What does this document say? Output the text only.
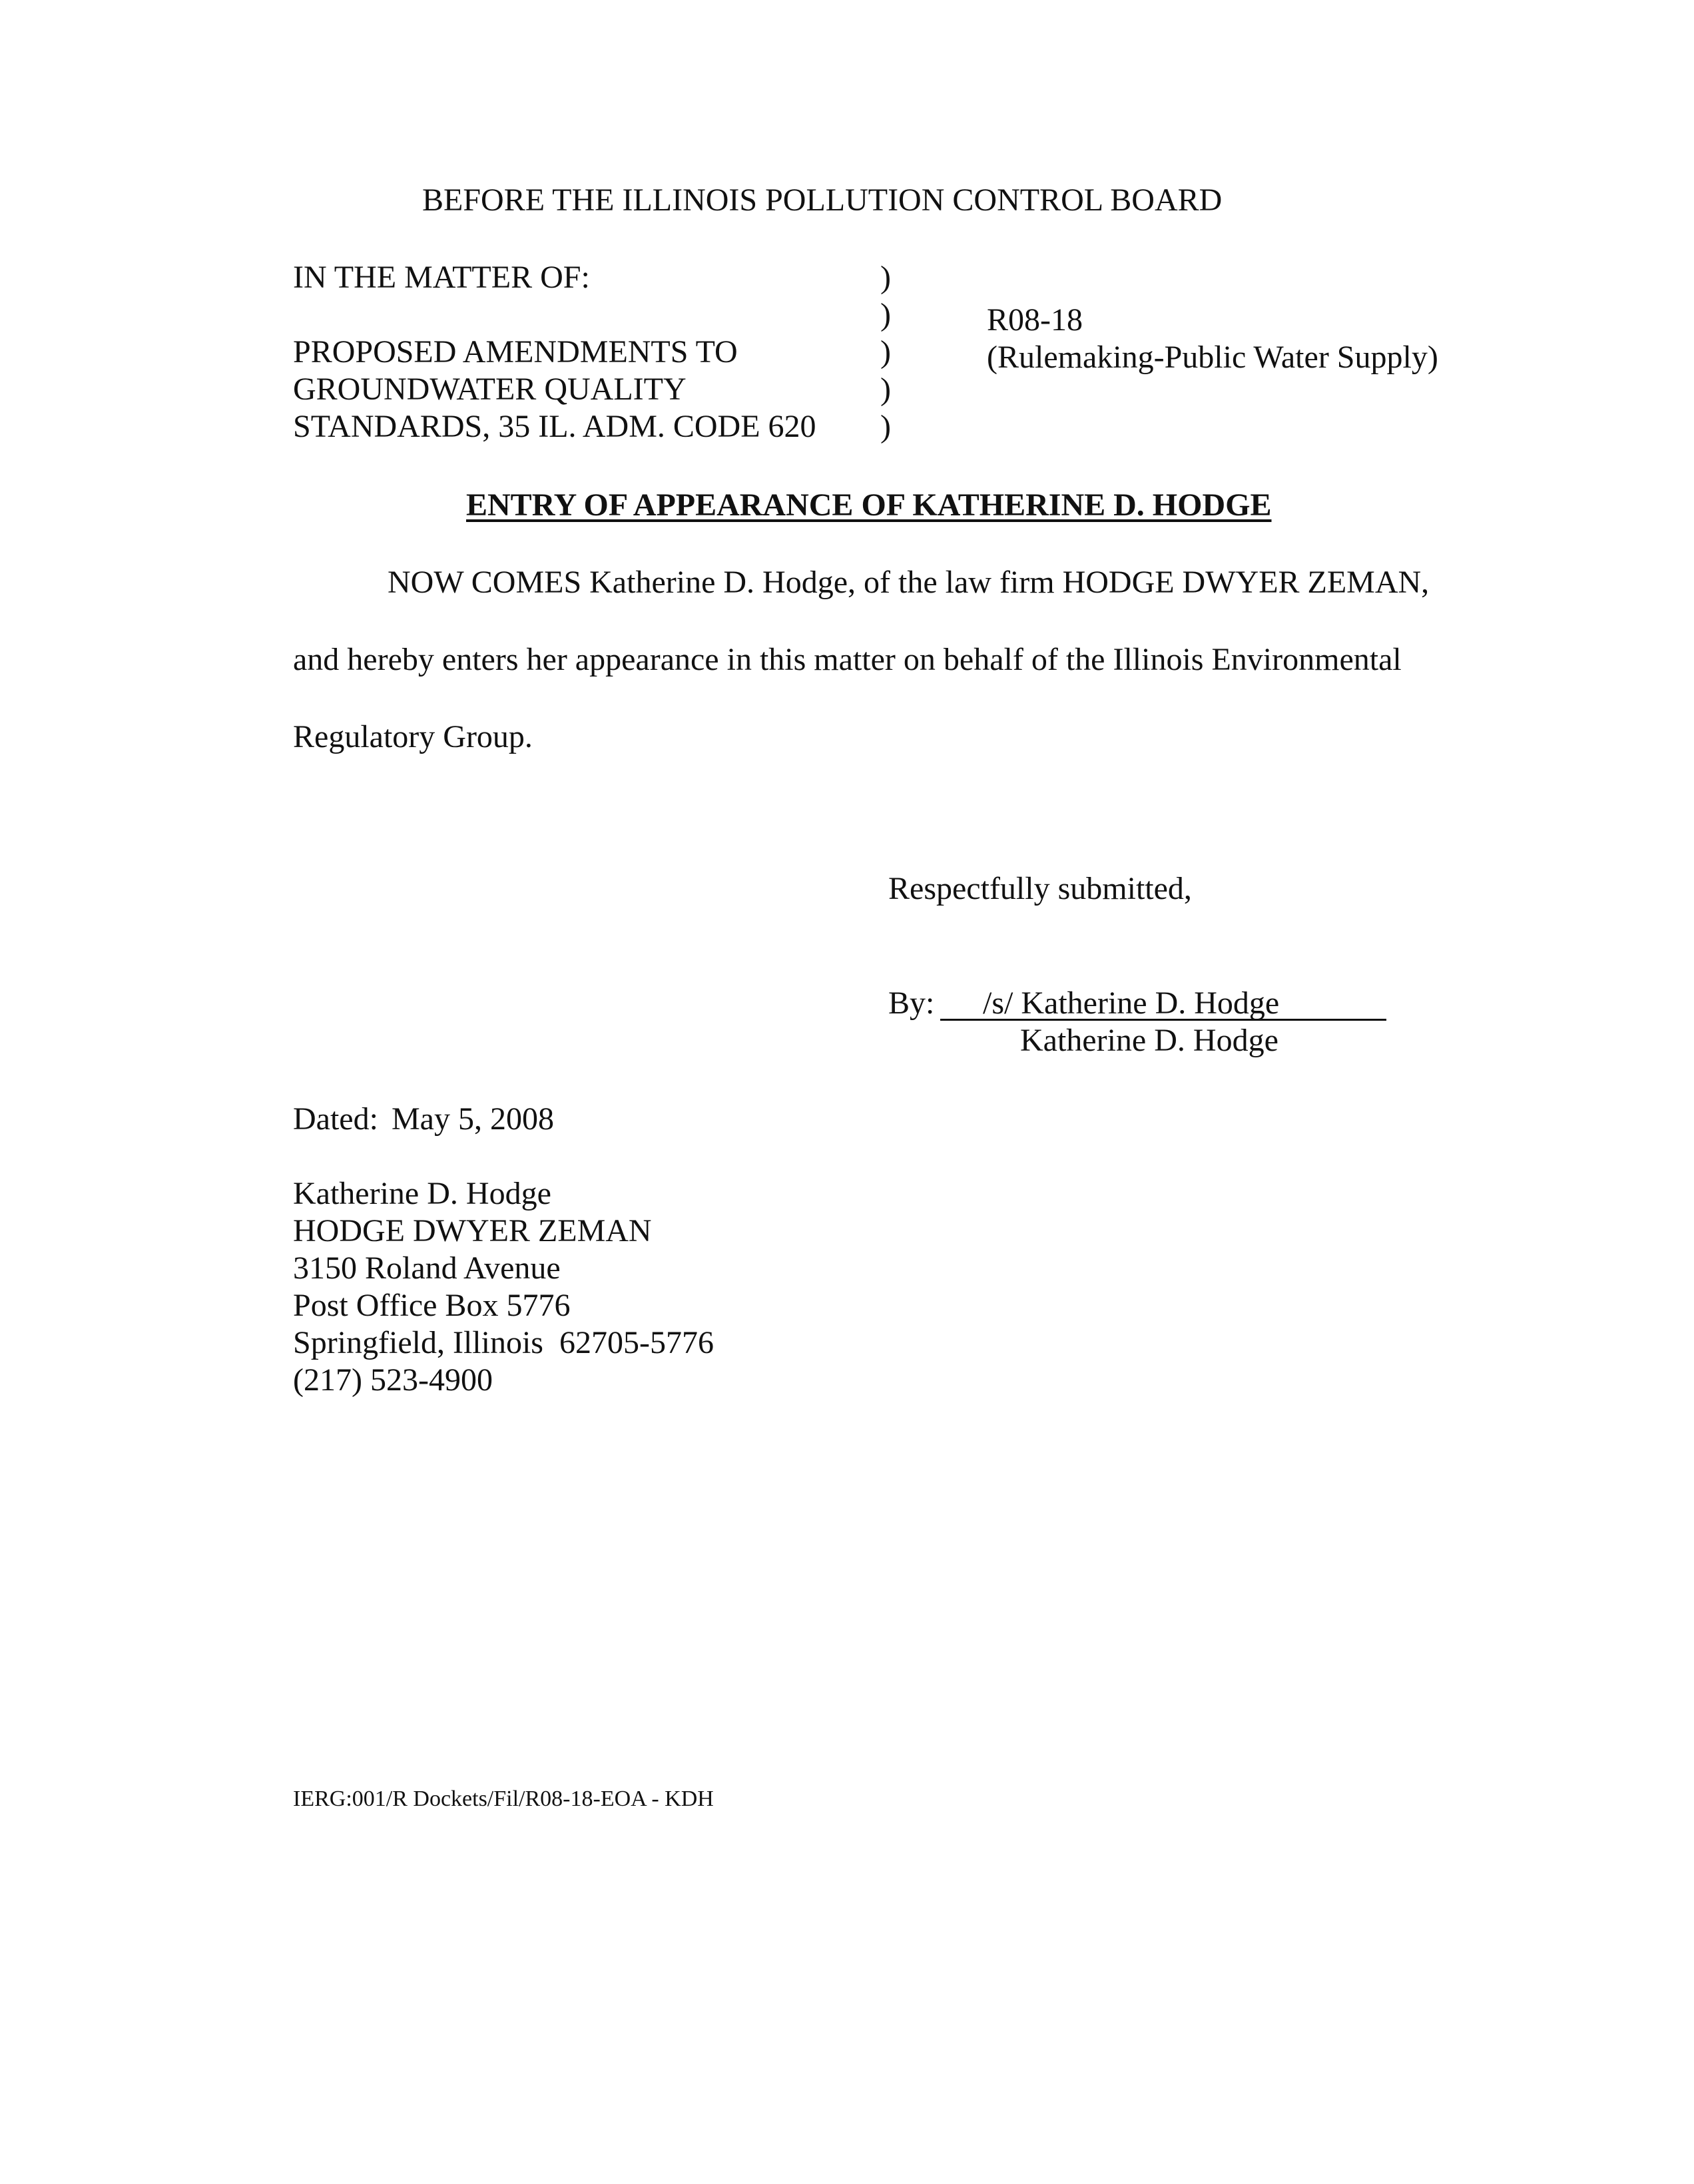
BEFORE THE ILLINOIS POLLUTION CONTROL BOARD
IN THE MATTER OF:
PROPOSED AMENDMENTS TO
GROUNDWATER QUALITY
STANDARDS, 35 IL. ADM. CODE 620
)
)
)
)
)
R08-18
(Rulemaking-Public Water Supply)
ENTRY OF APPEARANCE OF KATHERINE D. HODGE
NOW COMES Katherine D. Hodge, of the law firm HODGE DWYER ZEMAN,
and hereby enters her appearance in this matter on behalf of the Illinois Environmental
Regulatory Group.
Respectfully submitted,
By: /s/ Katherine D. Hodge
Katherine D. Hodge
Dated: May 5, 2008
Katherine D. Hodge
HODGE DWYER ZEMAN
3150 Roland Avenue
Post Office Box 5776
Springfield, Illinois  62705-5776
(217) 523-4900
IERG:001/R Dockets/Fil/R08-18-EOA - KDH
